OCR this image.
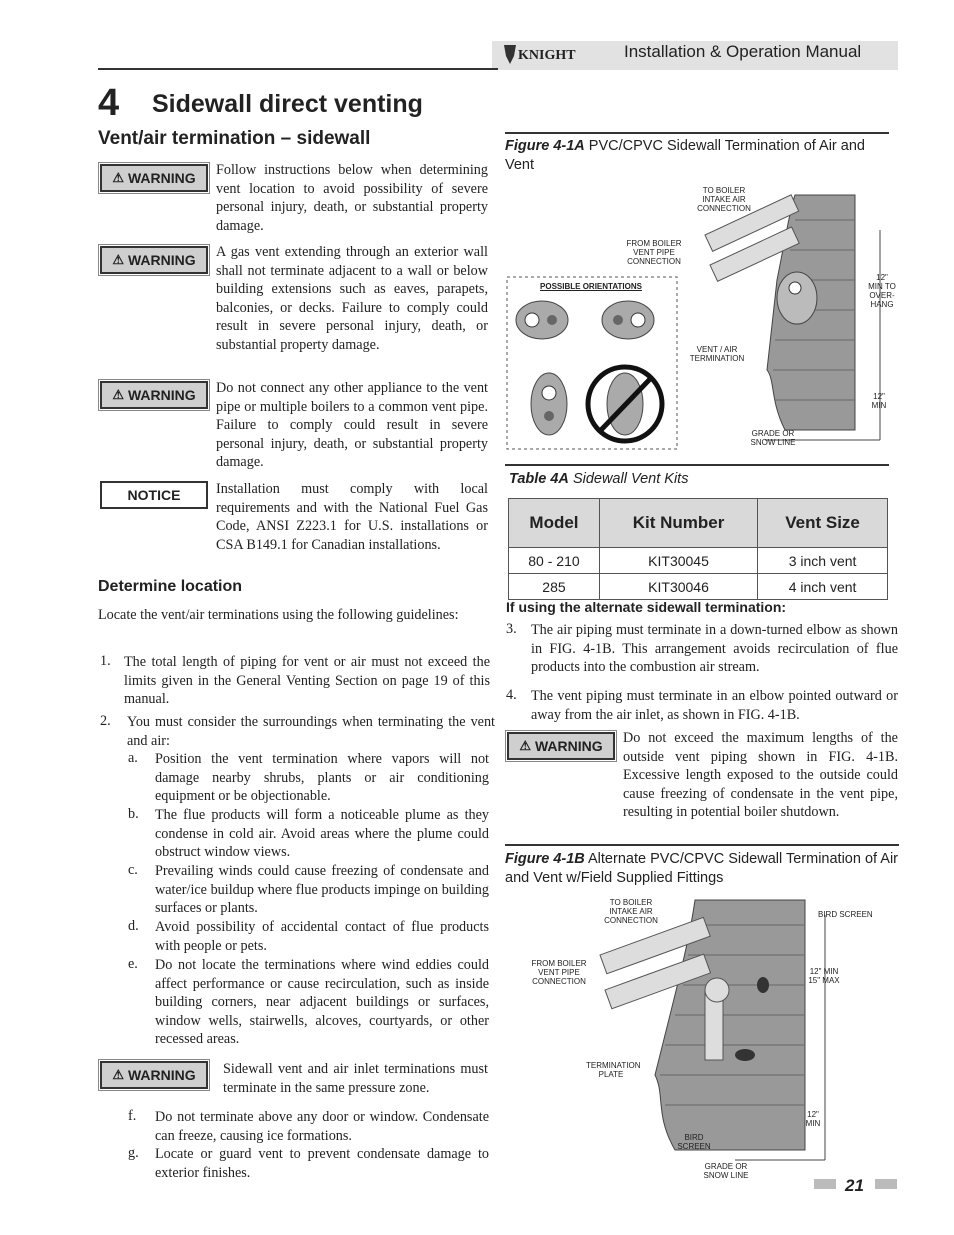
KNIGHT	Installation & Operation Manual
4 Sidewall direct venting
Vent/air termination – sidewall
⚠ WARNING Follow instructions below when determining vent location to avoid possibility of severe personal injury, death, or substantial property damage.
⚠ WARNING A gas vent extending through an exterior wall shall not terminate adjacent to a wall or below building extensions such as eaves, parapets, balconies, or decks. Failure to comply could result in severe personal injury, death, or substantial property damage.
⚠ WARNING Do not connect any other appliance to the vent pipe or multiple boilers to a common vent pipe. Failure to comply could result in severe personal injury, death, or substantial property damage.
NOTICE	Installation must comply with local requirements and with the National Fuel Gas Code, ANSI Z223.1 for U.S. installations or CSA B149.1 for Canadian installations.
Determine location
Locate the vent/air terminations using the following guidelines:
1. The total length of piping for vent or air must not exceed the limits given in the General Venting Section on page 19 of this manual.
2. You must consider the surroundings when terminating the vent and air:
a. Position the vent termination where vapors will not damage nearby shrubs, plants or air conditioning equipment or be objectionable.
b. The flue products will form a noticeable plume as they condense in cold air. Avoid areas where the plume could obstruct window views.
c. Prevailing winds could cause freezing of condensate and water/ice buildup where flue products impinge on building surfaces or plants.
d. Avoid possibility of accidental contact of flue products with people or pets.
e. Do not locate the terminations where wind eddies could affect performance or cause recirculation, such as inside building corners, near adjacent buildings or surfaces, window wells, stairwells, alcoves, courtyards, or other recessed areas.
⚠ WARNING Sidewall vent and air inlet terminations must terminate in the same pressure zone.
f. Do not terminate above any door or window. Condensate can freeze, causing ice formations.
g. Locate or guard vent to prevent condensate damage to exterior finishes.
Figure 4-1A PVC/CPVC Sidewall Termination of Air and Vent
TO BOILER INTAKE AIR CONNECTION
FROM BOILER VENT PIPE CONNECTION
POSSIBLE ORIENTATIONS
12" MIN TO OVER- HANG
VENT / AIR TERMINATION
12" MIN
GRADE OR SNOW LINE
Table 4A Sidewall Vent Kits
Model	Kit Number	Vent Size
80 - 210	KIT30045	3 inch vent
285	KIT30046	4 inch vent
If using the alternate sidewall termination:
3. The air piping must terminate in a down-turned elbow as shown in FIG. 4-1B. This arrangement avoids recirculation of flue products into the combustion air stream.
4. The vent piping must terminate in an elbow pointed outward or away from the air inlet, as shown in FIG. 4-1B.
⚠ WARNING Do not exceed the maximum lengths of the outside vent piping shown in FIG. 4-1B. Excessive length exposed to the outside could cause freezing of condensate in the vent pipe, resulting in potential boiler shutdown.
Figure 4-1B Alternate PVC/CPVC Sidewall Termination of Air and Vent w/Field Supplied Fittings
TO BOILER INTAKE AIR CONNECTION
BIRD SCREEN
FROM BOILER VENT PIPE CONNECTION
12" MIN 15" MAX
TERMINATION PLATE
12" MIN
BIRD SCREEN
GRADE OR SNOW LINE
21
